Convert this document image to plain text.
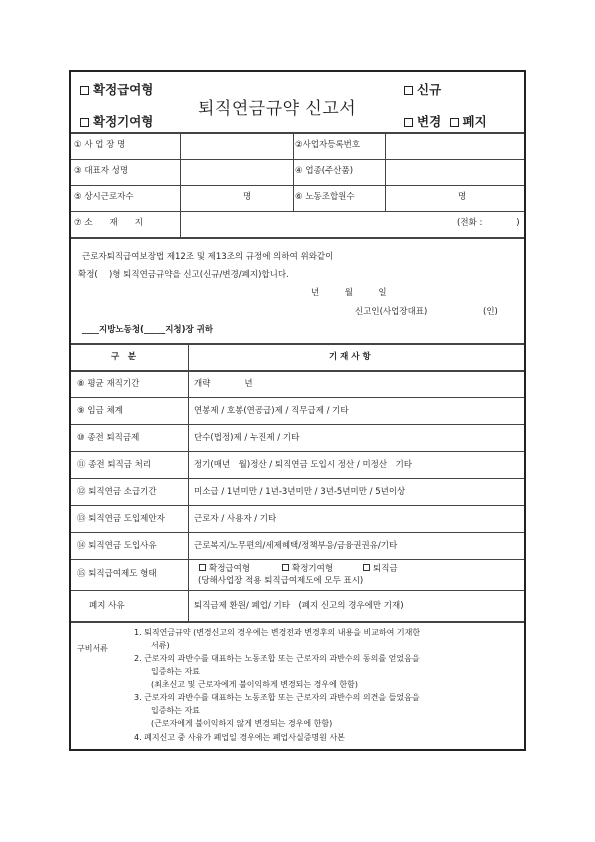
확정급여형
확정기여형
퇴직연금규약 신고서
신규
변경 폐지
① 사 업 장 명	②사업자등록번호
③ 대표자 성명	④ 업종(주산품)
⑤ 상시근로자수	명	⑥ 노동조합원수	명
⑦ 소　　재　　지	(전화 :　　　　)
근로자퇴직급여보장법 제12조 및 제13조의 규정에 의하여 위와같이
확정(　 )형 퇴직연금규약을 신고(신규/변경/폐지)합니다.
년　　　월　　　일
신고인(사업장대표)	(인)
____지방노동청(_____지청)장 귀하
구　분	기 재 사 항
⑧ 평균 재직기간	개략　　　　년
⑨ 임금 체계	연봉제 / 호봉(연공급)제 / 직무급제 / 기타
⑩ 종전 퇴직금제	단수(법정)제 / 누진제 / 기타
⑪ 종전 퇴직금 처리	정기(매년　월)정산 / 퇴직연금 도입시 정산 / 미정산　기타
⑫ 퇴직연금 소급기간	미소급 / 1년미만 / 1년-3년미만 / 3년-5년미만 / 5년이상
⑬ 퇴직연금 도입제안자	근로자 / 사용자 / 기타
⑭ 퇴직연금 도입사유	근로복지/노무편의/세제혜택/정책부응/금융권권유/기타
⑮ 퇴직급여제도 형태	확정급여형	확정기여형	퇴직금
(당해사업장 적용 퇴직급여제도에 모두 표시)
폐지 사유	퇴직금제 환원/ 폐업/ 기타　(폐지 신고의 경우에만 기재)
구비서류
1. 퇴직연금규약 (변경신고의 경우에는 변경전과 변경후의 내용을 비교하여 기재한
서류)
2. 근로자의 과반수를 대표하는 노동조합 또는 근로자의 과반수의 동의를 얻었음을
입증하는 자료
(최초신고 및 근로자에게 불이익하게 변경되는 경우에 한함)
3. 근로자의 과반수를 대표하는 노동조합 또는 근로자의 과반수의 의견을 들었음을
입증하는 자료
(근로자에게 불이익하지 않게 변경되는 경우에 한함)
4. 폐지신고 중 사유가 폐업일 경우에는 폐업사실증명원 사본
